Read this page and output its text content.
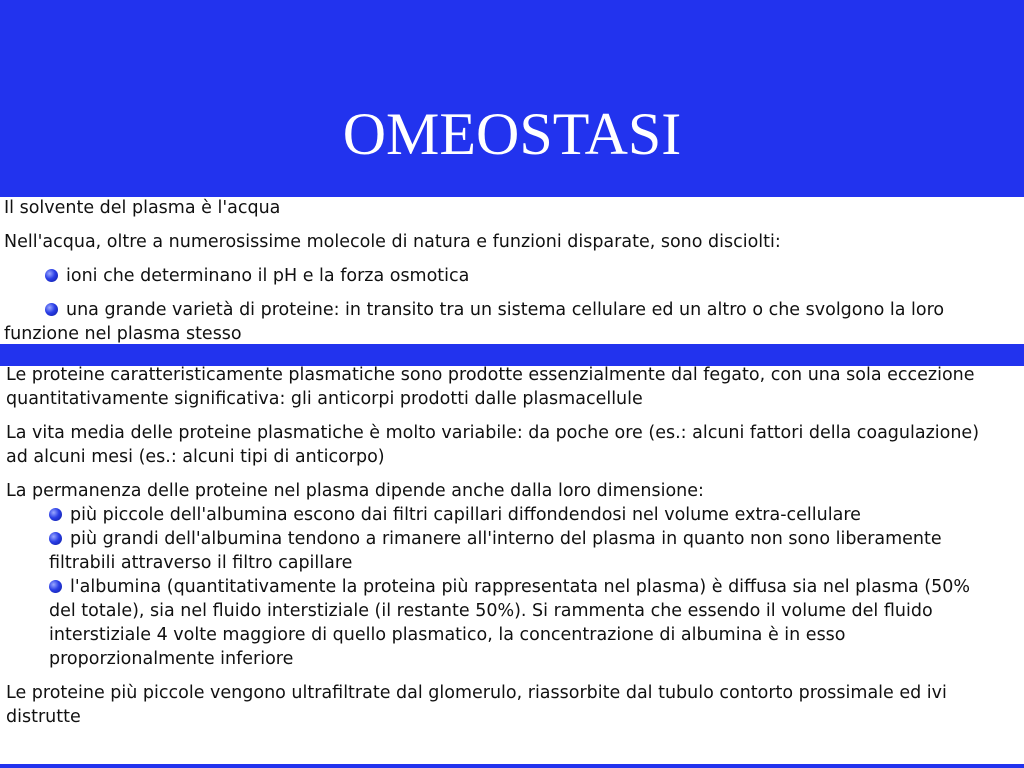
OMEOSTASI

Il solvente del plasma è l'acqua

Nell'acqua, oltre a numerosissime molecole di natura e funzioni disparate, sono disciolti:

ioni che determinano il pH e la forza osmotica

una grande varietà di proteine: in transito tra un sistema cellulare ed un altro o che svolgono la loro
funzione nel plasma stesso

Le proteine caratteristicamente plasmatiche sono prodotte essenzialmente dal fegato, con una sola eccezione
quantitativamente significativa: gli anticorpi prodotti dalle plasmacellule

La vita media delle proteine plasmatiche è molto variabile: da poche ore (es.: alcuni fattori della coagulazione)
ad alcuni mesi (es.: alcuni tipi di anticorpo)

La permanenza delle proteine nel plasma dipende anche dalla loro dimensione:

più piccole dell'albumina escono dai filtri capillari diffondendosi nel volume extra-cellulare

più grandi dell'albumina tendono a rimanere all'interno del plasma in quanto non sono liberamente
filtrabili attraverso il filtro capillare

l'albumina (quantitativamente la proteina più rappresentata nel plasma) è diffusa sia nel plasma (50%
del totale), sia nel fluido interstiziale (il restante 50%). Si rammenta che essendo il volume del fluido
interstiziale 4 volte maggiore di quello plasmatico, la concentrazione di albumina è in esso
proporzionalmente inferiore

Le proteine più piccole vengono ultrafiltrate dal glomerulo, riassorbite dal tubulo contorto prossimale ed ivi
distrutte
